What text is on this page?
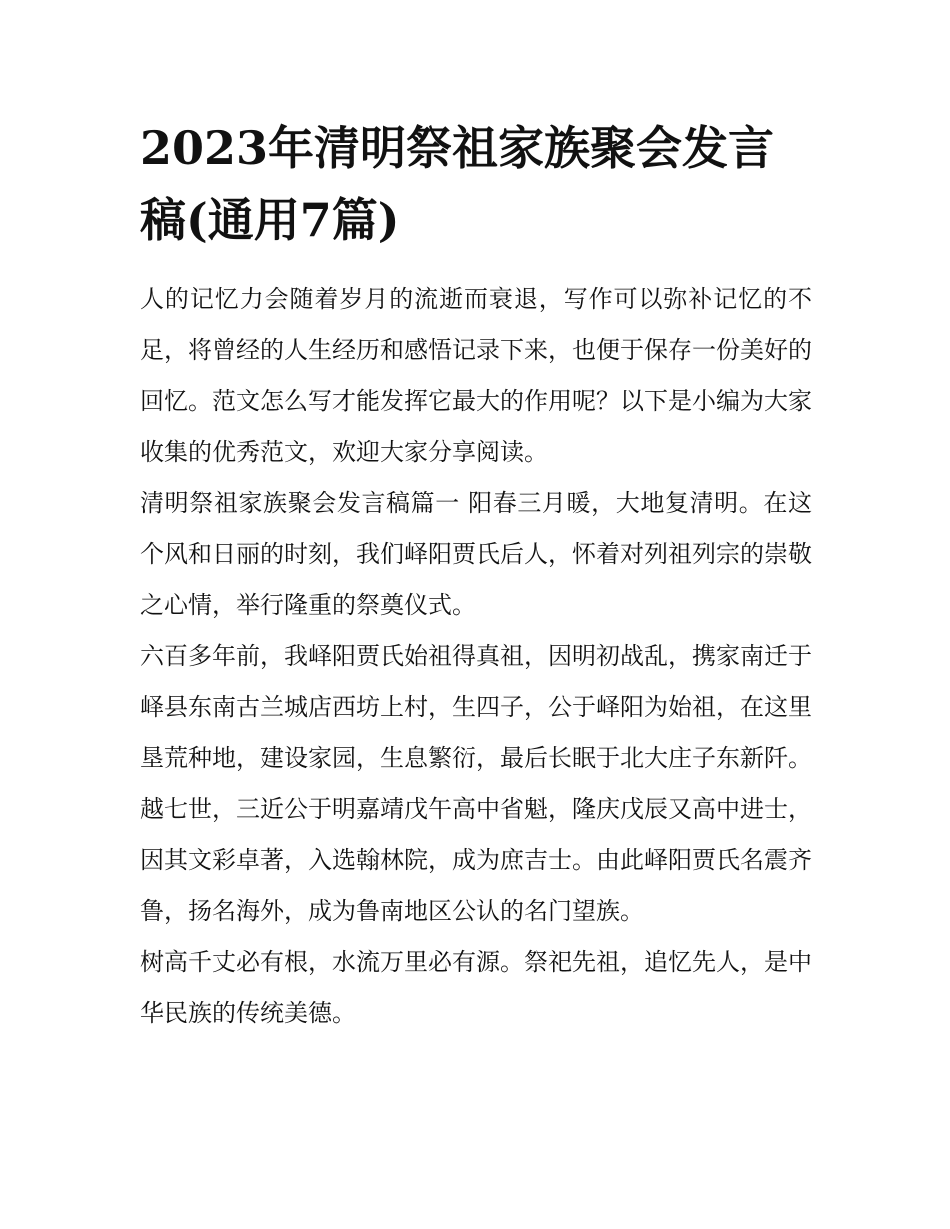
2023年清明祭祖家族聚会发言稿(通用7篇)

人的记忆力会随着岁月的流逝而衰退，写作可以弥补记忆的不足，将曾经的人生经历和感悟记录下来，也便于保存一份美好的回忆。范文怎么写才能发挥它最大的作用呢？以下是小编为大家收集的优秀范文，欢迎大家分享阅读。

清明祭祖家族聚会发言稿篇一 阳春三月暖，大地复清明。在这个风和日丽的时刻，我们峄阳贾氏后人，怀着对列祖列宗的崇敬之心情，举行隆重的祭奠仪式。

六百多年前，我峄阳贾氏始祖得真祖，因明初战乱，携家南迁于峄县东南古兰城店西坊上村，生四子，公于峄阳为始祖，在这里垦荒种地，建设家园，生息繁衍，最后长眠于北大庄子东新阡。

越七世，三近公于明嘉靖戊午高中省魁，隆庆戊辰又高中进士，因其文彩卓著，入选翰林院，成为庶吉士。由此峄阳贾氏名震齐鲁，扬名海外，成为鲁南地区公认的名门望族。

树高千丈必有根，水流万里必有源。祭祀先祖，追忆先人，是中华民族的传统美德。
